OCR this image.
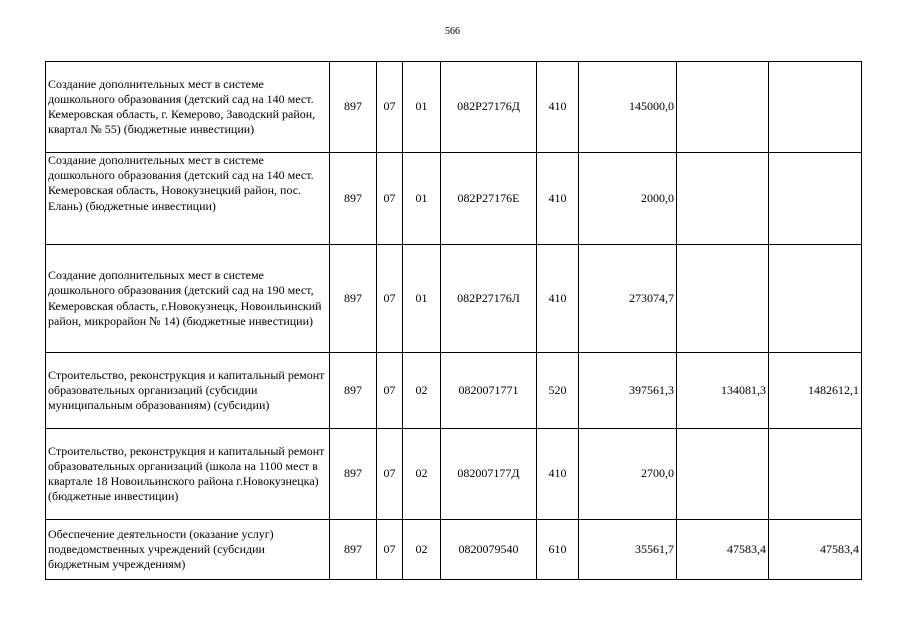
566
Создание дополнительных мест в системе дошкольного образования (детский сад на 140 мест. Кемеровская область, г. Кемерово, Заводский район, квартал № 55) (бюджетные инвестиции)	897	07	01	082P27176Д	410	145000,0		
Создание дополнительных мест в системе дошкольного образования (детский сад на 140 мест. Кемеровская область, Новокузнецкий район, пос. Елань) (бюджетные инвестиции)	897	07	01	082P27176E	410	2000,0		
Создание дополнительных мест в системе дошкольного образования (детский сад на 190 мест, Кемеровская область, г.Новокузнецк, Новоильинский район, микрорайон № 14) (бюджетные инвестиции)	897	07	01	082P27176Л	410	273074,7		
Строительство, реконструкция и капитальный ремонт образовательных организаций (субсидии муниципальным образованиям) (субсидии)	897	07	02	0820071771	520	397561,3	134081,3	1482612,1
Строительство, реконструкция и капитальный ремонт образовательных организаций (школа на 1100 мест в квартале 18 Новоильинского района г.Новокузнецка) (бюджетные инвестиции)	897	07	02	082007177Д	410	2700,0		
Обеспечение деятельности (оказание услуг) подведомственных учреждений (субсидии бюджетным учреждениям)	897	07	02	0820079540	610	35561,7	47583,4	47583,4
